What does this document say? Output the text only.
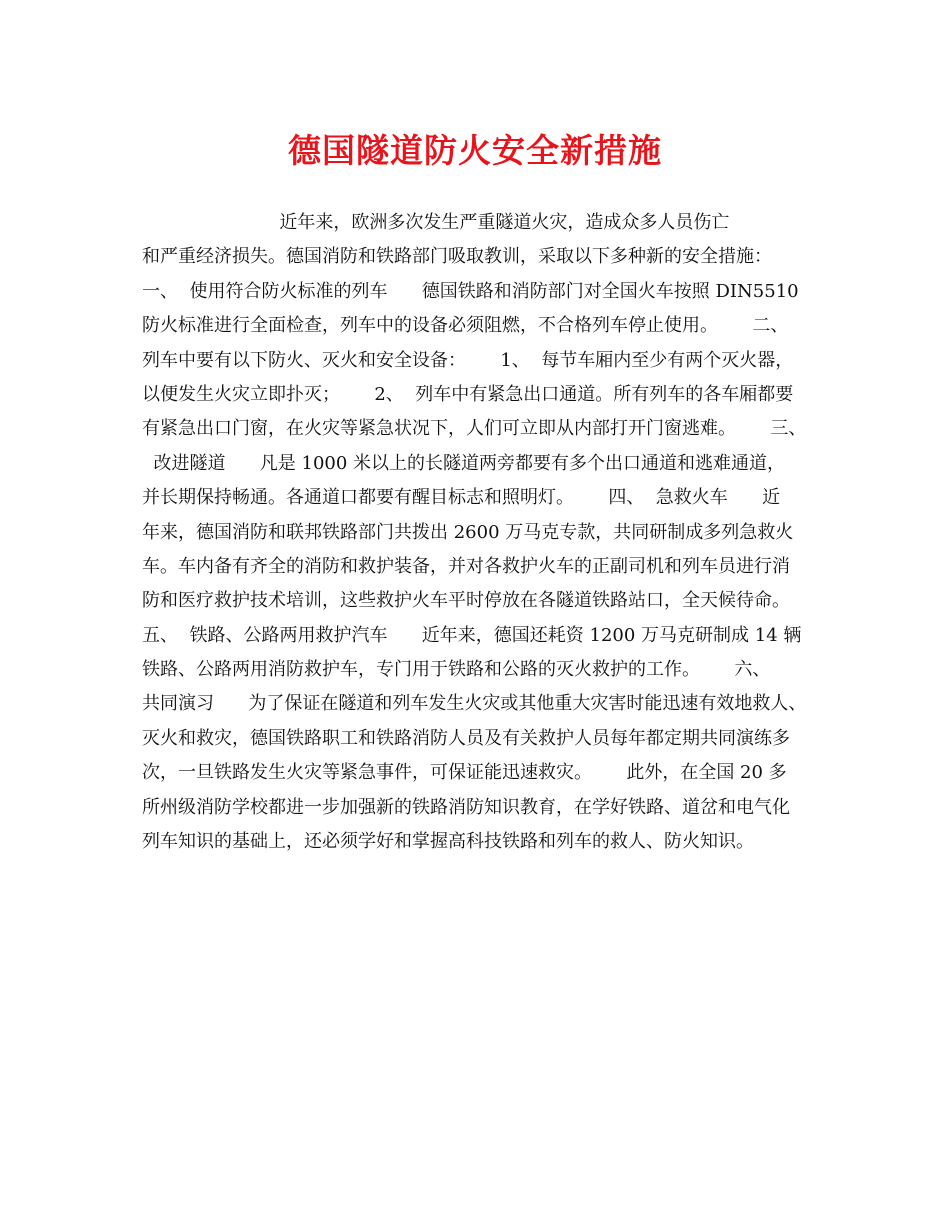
德国隧道防火安全新措施
近年来，欧洲多次发生严重隧道火灾，造成众多人员伤亡
和严重经济损失。德国消防和铁路部门吸取教训，采取以下多种新的安全措施：
一、  使用符合防火标准的列车      德国铁路和消防部门对全国火车按照 DIN5510
防火标准进行全面检查，列车中的设备必须阻燃，不合格列车停止使用。      二、
列车中要有以下防火、灭火和安全设备：      1、  每节车厢内至少有两个灭火器，
以便发生火灾立即扑灭；      2、  列车中有紧急出口通道。所有列车的各车厢都要
有紧急出口门窗，在火灾等紧急状况下，人们可立即从内部打开门窗逃难。      三、
改进隧道      凡是 1000 米以上的长隧道两旁都要有多个出口通道和逃难通道，
并长期保持畅通。各通道口都要有醒目标志和照明灯。      四、  急救火车      近
年来，德国消防和联邦铁路部门共拨出 2600 万马克专款，共同研制成多列急救火
车。车内备有齐全的消防和救护装备，并对各救护火车的正副司机和列车员进行消
防和医疗救护技术培训，这些救护火车平时停放在各隧道铁路站口，全天候待命。
五、  铁路、公路两用救护汽车      近年来，德国还耗资 1200 万马克研制成 14 辆
铁路、公路两用消防救护车，专门用于铁路和公路的灭火救护的工作。      六、
共同演习      为了保证在隧道和列车发生火灾或其他重大灾害时能迅速有效地救人、
灭火和救灾，德国铁路职工和铁路消防人员及有关救护人员每年都定期共同演练多
次，一旦铁路发生火灾等紧急事件，可保证能迅速救灾。      此外，在全国 20 多
所州级消防学校都进一步加强新的铁路消防知识教育，在学好铁路、道岔和电气化
列车知识的基础上，还必须学好和掌握高科技铁路和列车的救人、防火知识。
